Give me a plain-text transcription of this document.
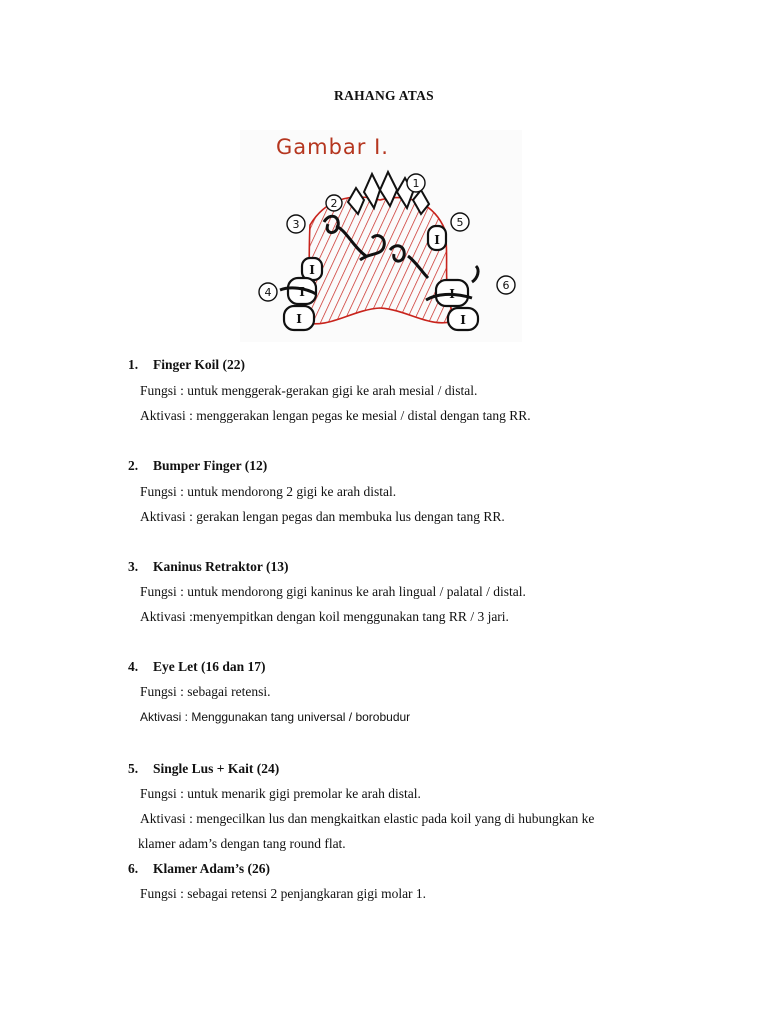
RAHANG ATAS
I
I
I
I
I
I
1
2
3
4
5
6
Gambar I.
1. Finger Koil (22)
Fungsi : untuk menggerak-gerakan gigi ke arah mesial / distal.
Aktivasi : menggerakan lengan pegas ke mesial / distal dengan tang RR.
2. Bumper Finger (12)
Fungsi : untuk mendorong 2 gigi ke arah distal.
Aktivasi : gerakan lengan pegas dan membuka lus dengan tang RR.
3. Kaninus Retraktor (13)
Fungsi : untuk mendorong gigi kaninus ke arah lingual / palatal / distal.
Aktivasi :menyempitkan dengan koil menggunakan tang RR / 3 jari.
4. Eye Let (16 dan 17)
Fungsi : sebagai retensi.
Aktivasi : Menggunakan tang universal / borobudur
5. Single Lus + Kait (24)
Fungsi : untuk menarik gigi premolar ke arah distal.
Aktivasi : mengecilkan lus dan mengkaitkan elastic pada koil yang di hubungkan ke
klamer adam’s dengan tang round flat.
6. Klamer Adam’s (26)
Fungsi : sebagai retensi 2 penjangkaran gigi molar 1.
